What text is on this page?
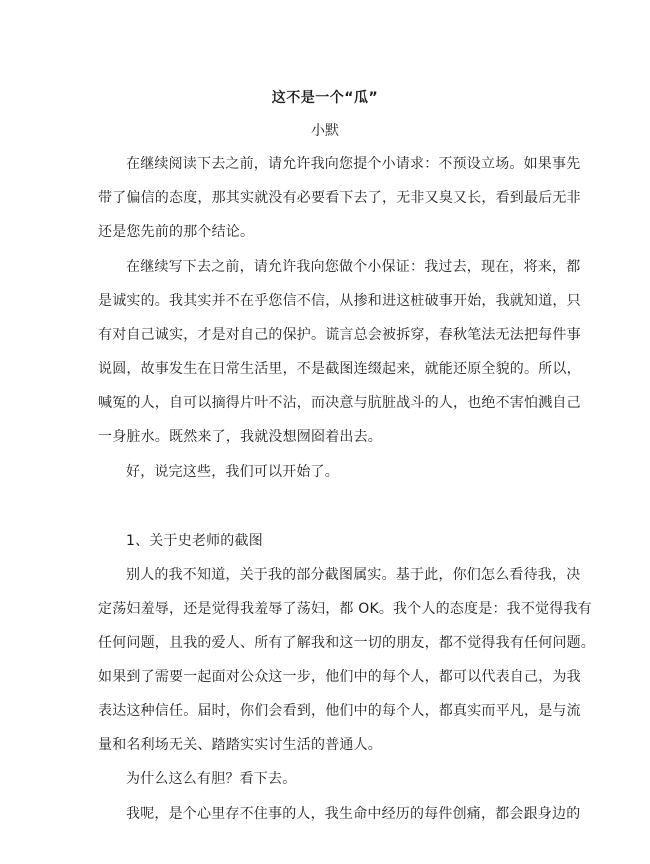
这不是一个“瓜”
小默
在继续阅读下去之前，请允许我向您提个小请求：不预设立场。如果事先
带了偏信的态度，那其实就没有必要看下去了，无非又臭又长，看到最后无非
还是您先前的那个结论。
在继续写下去之前，请允许我向您做个小保证：我过去，现在，将来，都
是诚实的。我其实并不在乎您信不信，从掺和进这桩破事开始，我就知道，只
有对自己诚实，才是对自己的保护。谎言总会被拆穿，春秋笔法无法把每件事
说圆，故事发生在日常生活里，不是截图连缀起来，就能还原全貌的。所以，
喊冤的人，自可以摘得片叶不沾，而决意与肮脏战斗的人，也绝不害怕溅自己
一身脏水。既然来了，我就没想囫囵着出去。
好，说完这些，我们可以开始了。
1、关于史老师的截图
别人的我不知道，关于我的部分截图属实。基于此，你们怎么看待我，决
定荡妇羞辱，还是觉得我羞辱了荡妇，都 OK。我个人的态度是：我不觉得我有
任何问题，且我的爱人、所有了解我和这一切的朋友，都不觉得我有任何问题。
如果到了需要一起面对公众这一步，他们中的每个人，都可以代表自己，为我
表达这种信任。届时，你们会看到，他们中的每个人，都真实而平凡，是与流
量和名利场无关、踏踏实实讨生活的普通人。
为什么这么有胆？看下去。
我呢，是个心里存不住事的人，我生命中经历的每件创痛，都会跟身边的
